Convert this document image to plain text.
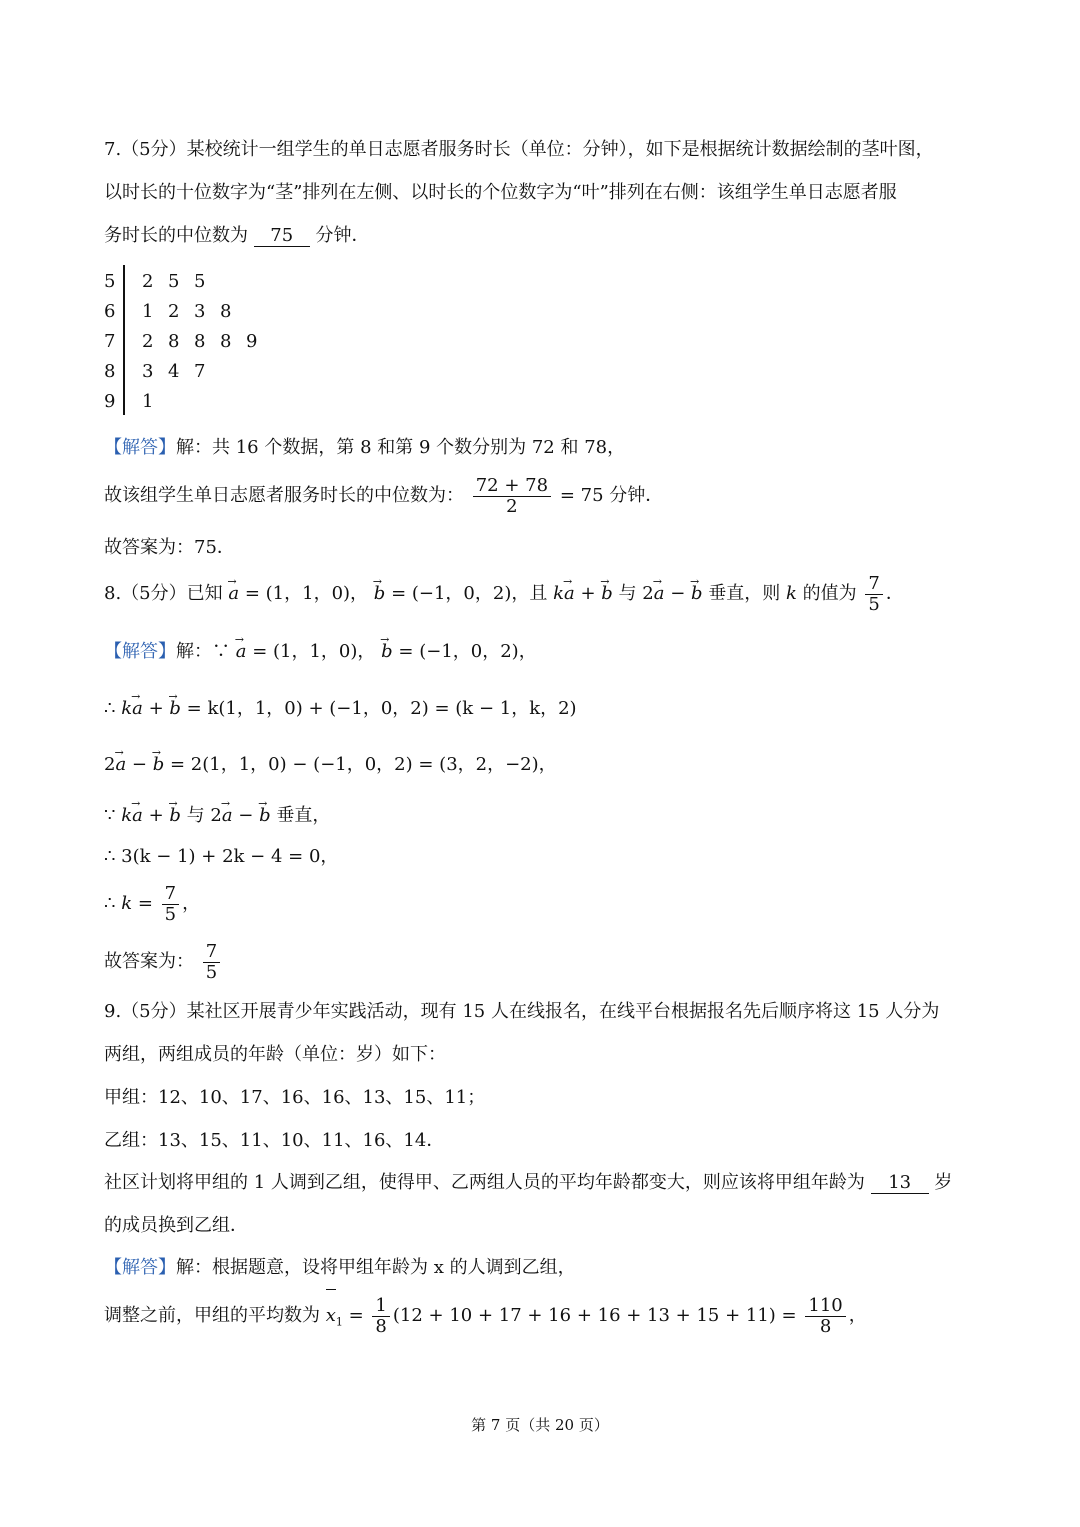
7.（5分）某校统计一组学生的单日志愿者服务时长（单位：分钟），如下是根据统计数据绘制的茎叶图，
以时长的十位数字为“茎”排列在左侧、以时长的个位数字为“叶”排列在右侧：该组学生单日志愿者服
务时长的中位数为 75 分钟．
5	2 5 5
6	1 2 3 8
7	2 8 8 8 9
8	3 4 7
9	1
【解答】解：共 16 个数据，第 8 和第 9 个数分别为 72 和 78，
故该组学生单日志愿者服务时长的中位数为： $\frac{72 + 78}{2} = 75$ 分钟．
故答案为：75．
8.（5分）已知 → a = (1，1，0)， → b = (−1，0，2)，且 k→ a + → b 与 2→ a − → b 垂直，则 k 的值为 $\frac{7}{5}$ ．
【解答】解：∵ → a = (1，1，0)， → b = (−1，0，2)，
∴ k→ a + → b = k(1，1，0) + (−1，0，2) = (k − 1，k，2)
2→ a − → b = 2(1，1，0) − (−1，0，2) = (3，2，−2)，
∵ k→ a + → b 与 2→ a − → b 垂直，
∴ 3(k − 1) + 2k − 4 = 0，
∴ $k = \frac{7}{5}$ ，
故答案为： $\frac{7}{5}$
9.（5分）某社区开展青少年实践活动，现有 15 人在线报名，在线平台根据报名先后顺序将这 15 人分为
两组，两组成员的年龄（单位：岁）如下：
甲组：12、10、17、16、16、13、15、11；
乙组：13、15、11、10、11、16、14．
社区计划将甲组的 1 人调到乙组，使得甲、乙两组人员的平均年龄都变大，则应该将甲组年龄为 13 岁
的成员换到乙组．
【解答】解：根据题意，设将甲组年龄为 x 的人调到乙组，
调整之前，甲组的平均数为 $x_1 = \frac{1}{8} (12 + 10 + 17 + 16 + 16 + 13 + 15 + 11) = \frac{110}{8}$ ，
第 7 页（共 20 页）
